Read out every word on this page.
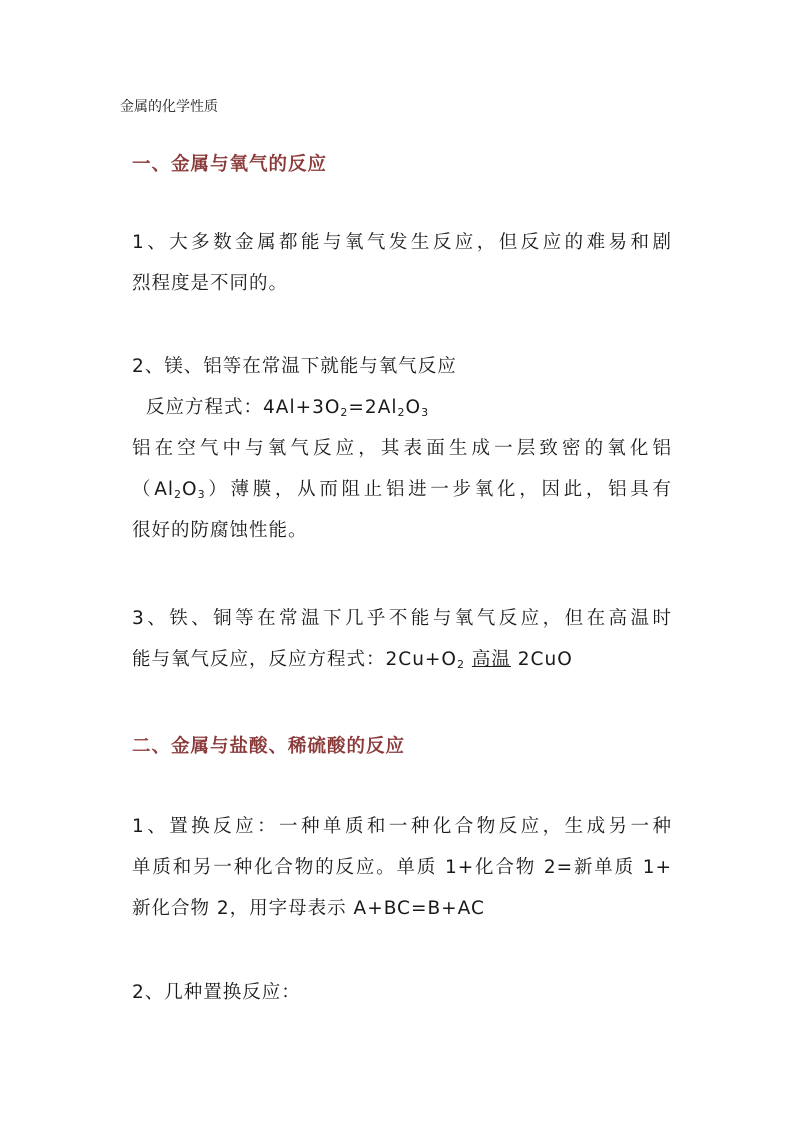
金属的化学性质
一、金属与氧气的反应
1、大多数金属都能与氧气发生反应，但反应的难易和剧
烈程度是不同的。
2、镁、铝等在常温下就能与氧气反应
反应方程式：$4Al+3O_2=2Al_2O_3$
铝在空气中与氧气反应，其表面生成一层致密的氧化铝
$(Al_2O_3)$薄膜，从而阻止铝进一步氧化，因此，铝具有
很好的防腐蚀性能。
3、铁、铜等在常温下几乎不能与氧气反应，但在高温时
能与氧气反应，反应方程式：$2Cu+O_2$ 高温 2CuO
二、金属与盐酸、稀硫酸的反应
1、置换反应：一种单质和一种化合物反应，生成另一种
单质和另一种化合物的反应。单质 1+化合物 2=新单质 1+
新化合物 2，用字母表示 A+BC=B+AC
2、几种置换反应：
